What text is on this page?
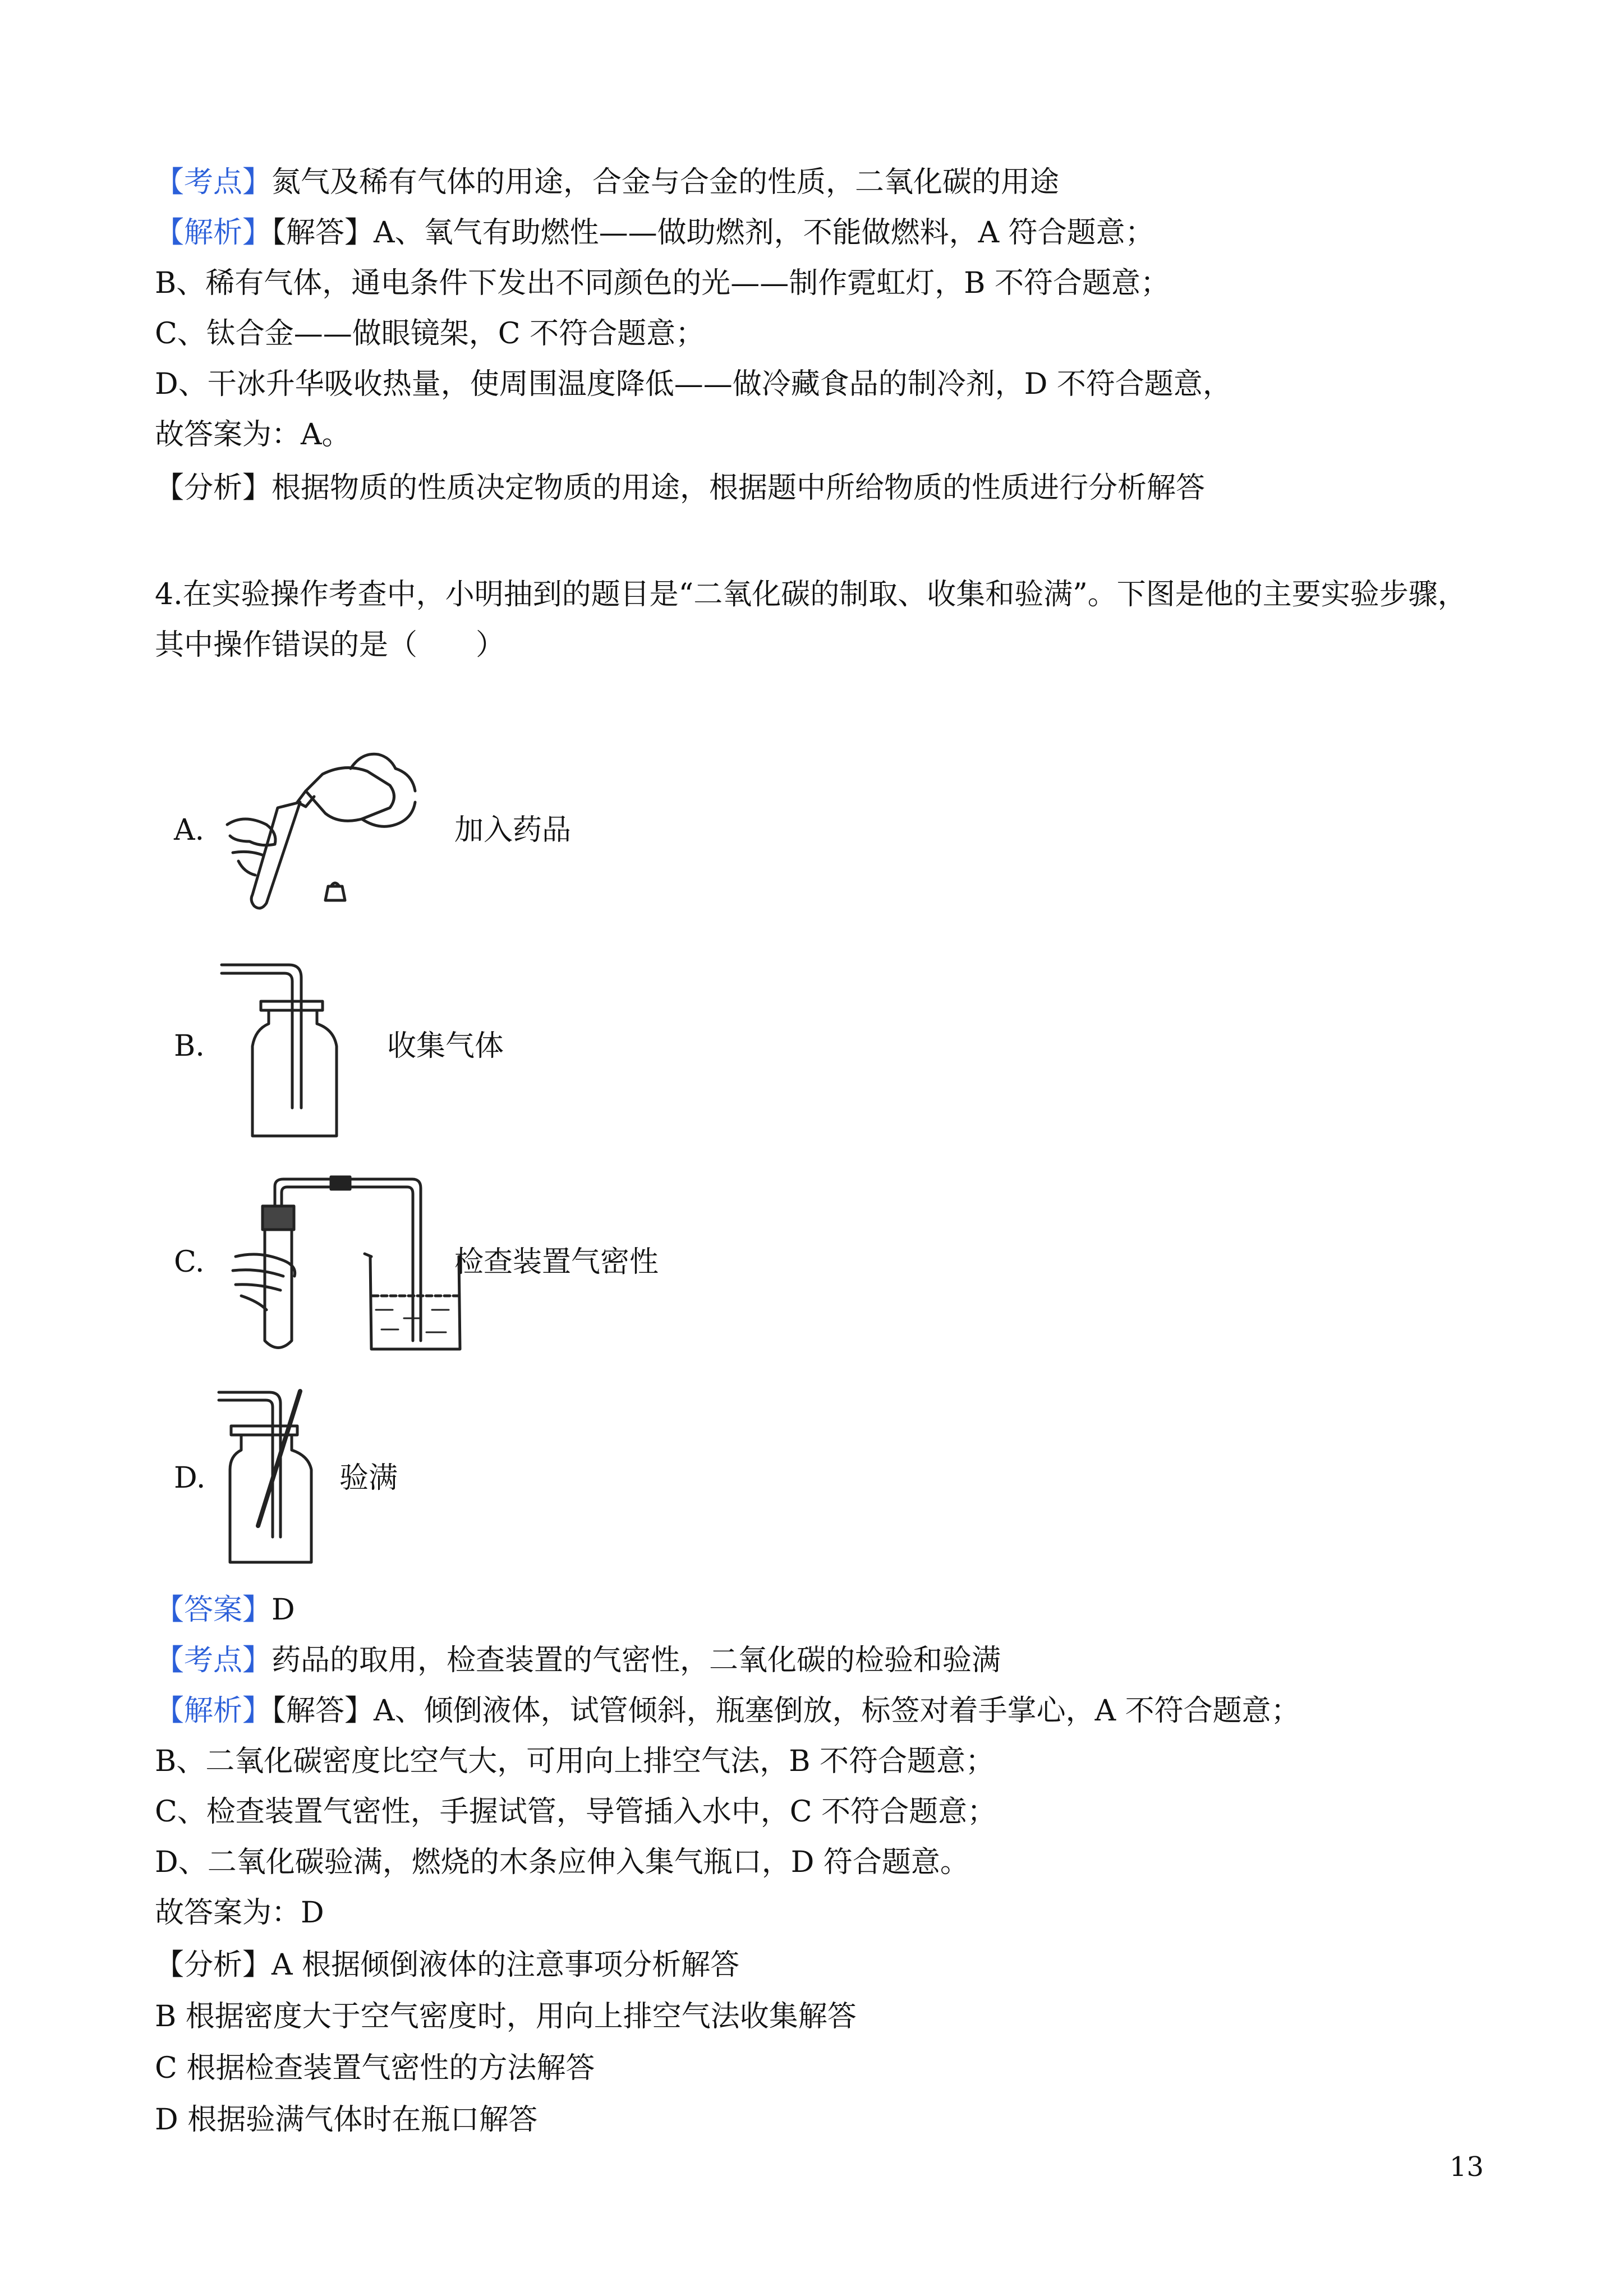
【考点】氮气及稀有气体的用途，合金与合金的性质，二氧化碳的用途
【解析】【解答】A、氧气有助燃性——做助燃剂，不能做燃料，A 符合题意；
B、稀有气体，通电条件下发出不同颜色的光——制作霓虹灯，B 不符合题意；
C、钛合金——做眼镜架，C 不符合题意；
D、干冰升华吸收热量，使周围温度降低——做冷藏食品的制冷剂，D 不符合题意，
故答案为：A。
【分析】根据物质的性质决定物质的用途，根据题中所给物质的性质进行分析解答
4.在实验操作考查中，小明抽到的题目是“二氧化碳的制取、收集和验满”。下图是他的主要实验步骤，
其中操作错误的是（　　）
A.	加入药品
B.	收集气体
C.	检查装置气密性
D.	验满
【答案】D
【考点】药品的取用，检查装置的气密性，二氧化碳的检验和验满
【解析】【解答】A、倾倒液体，试管倾斜，瓶塞倒放，标签对着手掌心，A 不符合题意；
B、二氧化碳密度比空气大，可用向上排空气法，B 不符合题意；
C、检查装置气密性，手握试管，导管插入水中，C 不符合题意；
D、二氧化碳验满，燃烧的木条应伸入集气瓶口，D 符合题意。
故答案为：D
【分析】A 根据倾倒液体的注意事项分析解答
B 根据密度大于空气密度时，用向上排空气法收集解答
C 根据检查装置气密性的方法解答
D 根据验满气体时在瓶口解答
13
